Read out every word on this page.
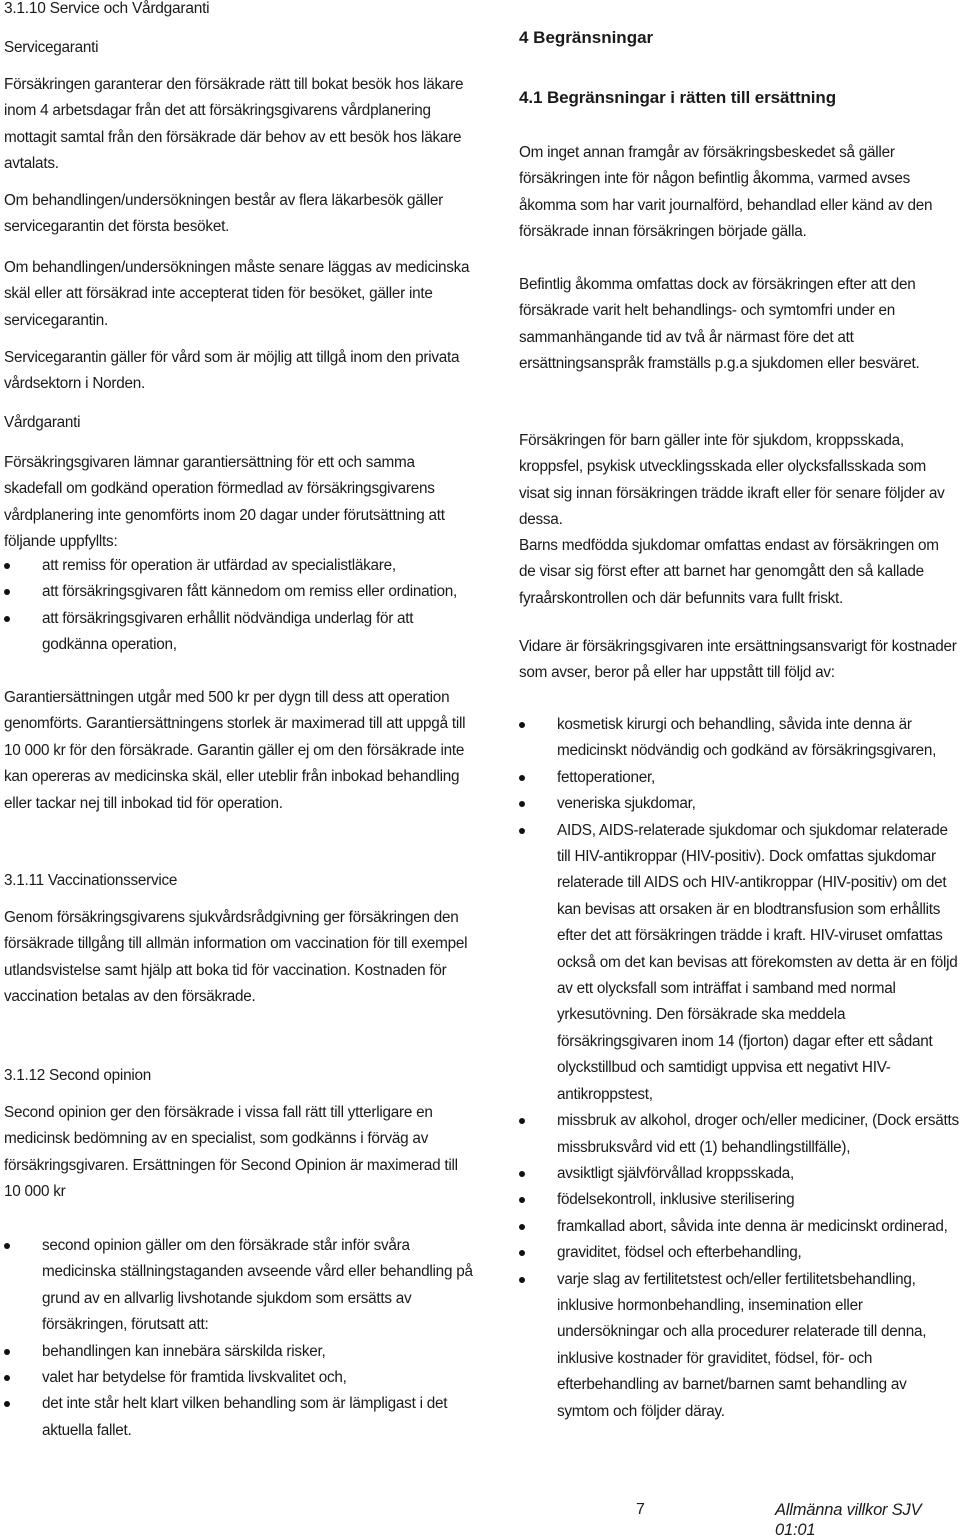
3.1.10 Service och Vårdgaranti
Servicegaranti
Försäkringen garanterar den försäkrade rätt till bokat besök hos läkare inom 4 arbetsdagar från det att försäkringsgivarens vårdplanering mottagit samtal från den försäkrade där behov av ett besök hos läkare avtalats.
Om behandlingen/undersökningen består av flera läkarbesök gäller servicegarantin det första besöket.
Om behandlingen/undersökningen måste senare läggas av medicinska skäl eller att försäkrad inte accepterat tiden för besöket, gäller inte servicegarantin.
Servicegarantin gäller för vård som är möjlig att tillgå inom den privata vårdsektorn i Norden.
Vårdgaranti
Försäkringsgivaren lämnar garantiersättning för ett och samma skadefall om godkänd operation förmedlad av försäkringsgivarens vårdplanering inte genomförts inom 20 dagar under förutsättning att följande uppfyllts:
att remiss för operation är utfärdad av specialistläkare,
att försäkringsgivaren fått kännedom om remiss eller ordination,
att försäkringsgivaren erhållit nödvändiga underlag för att godkänna operation,
Garantiersättningen utgår med 500 kr per dygn till dess att operation genomförts. Garantiersättningens storlek är maximerad till att uppgå till 10 000 kr för den försäkrade. Garantin gäller ej om den försäkrade inte kan opereras av medicinska skäl, eller uteblir från inbokad behandling eller tackar nej till inbokad tid för operation.
3.1.11 Vaccinationsservice
Genom försäkringsgivarens sjukvårdsrådgivning ger försäkringen den försäkrade tillgång till allmän information om vaccination för till exempel utlandsvistelse samt hjälp att boka tid för vaccination. Kostnaden för vaccination betalas av den försäkrade.
3.1.12 Second opinion
Second opinion ger den försäkrade i vissa fall rätt till ytterligare en medicinsk bedömning av en specialist, som godkänns i förväg av försäkringsgivaren. Ersättningen för Second Opinion är maximerad till 10 000 kr
second opinion gäller om den försäkrade står inför svåra medicinska ställningstaganden avseende vård eller behandling på grund av en allvarlig livshotande sjukdom som ersätts av försäkringen, förutsatt att:
behandlingen kan innebära särskilda risker,
valet har betydelse för framtida livskvalitet och,
det inte står helt klart vilken behandling som är lämpligast i det aktuella fallet.
4 Begränsningar
4.1 Begränsningar i rätten till ersättning
Om inget annan framgår av försäkringsbeskedet så gäller försäkringen inte för någon befintlig åkomma, varmed avses åkomma som har varit journalförd, behandlad eller känd av den försäkrade innan försäkringen började gälla.
Befintlig åkomma omfattas dock av försäkringen efter att den försäkrade varit helt behandlings- och symtomfri under en sammanhängande tid av två år närmast före det att ersättningsanspråk framställs p.g.a sjukdomen eller besväret.
Försäkringen för barn gäller inte för sjukdom, kroppsskada, kroppsfel, psykisk utvecklingsskada eller olycksfallsskada som visat sig innan försäkringen trädde ikraft eller för senare följder av dessa.
Barns medfödda sjukdomar omfattas endast av försäkringen om de visar sig först efter att barnet har genomgått den så kallade fyraårskontrollen och där befunnits vara fullt friskt.
Vidare är försäkringsgivaren inte ersättningsansvarigt för kostnader som avser, beror på eller har uppstått till följd av:
kosmetisk kirurgi och behandling, såvida inte denna är medicinskt nödvändig och godkänd av försäkringsgivaren,
fettoperationer,
veneriska sjukdomar,
AIDS, AIDS-relaterade sjukdomar och sjukdomar relaterade till HIV-antikroppar (HIV-positiv). Dock omfattas sjukdomar relaterade till AIDS och HIV-antikroppar (HIV-positiv) om det kan bevisas att orsaken är en blodtransfusion som erhållits efter det att försäkringen trädde i kraft. HIV-viruset omfattas också om det kan bevisas att förekomsten av detta är en följd av ett olycksfall som inträffat i samband med normal yrkesutövning. Den försäkrade ska meddela försäkringsgivaren inom 14 (fjorton) dagar efter ett sådant olyckstillbud och samtidigt uppvisa ett negativt HIV-antikroppstest,
missbruk av alkohol, droger och/eller mediciner, (Dock ersätts missbruksvård vid ett (1) behandlingstillfälle),
avsiktligt självförvållad kroppsskada,
födelsekontroll, inklusive sterilisering
framkallad abort, såvida inte denna är medicinskt ordinerad,
graviditet, födsel och efterbehandling,
varje slag av fertilitetstest och/eller fertilitetsbehandling, inklusive hormonbehandling, insemination eller undersökningar och alla procedurer relaterade till denna, inklusive kostnader för graviditet, födsel, för- och efterbehandling av barnet/barnen samt behandling av symtom och följder däray.
7	Allmänna villkor SJV 01:01
